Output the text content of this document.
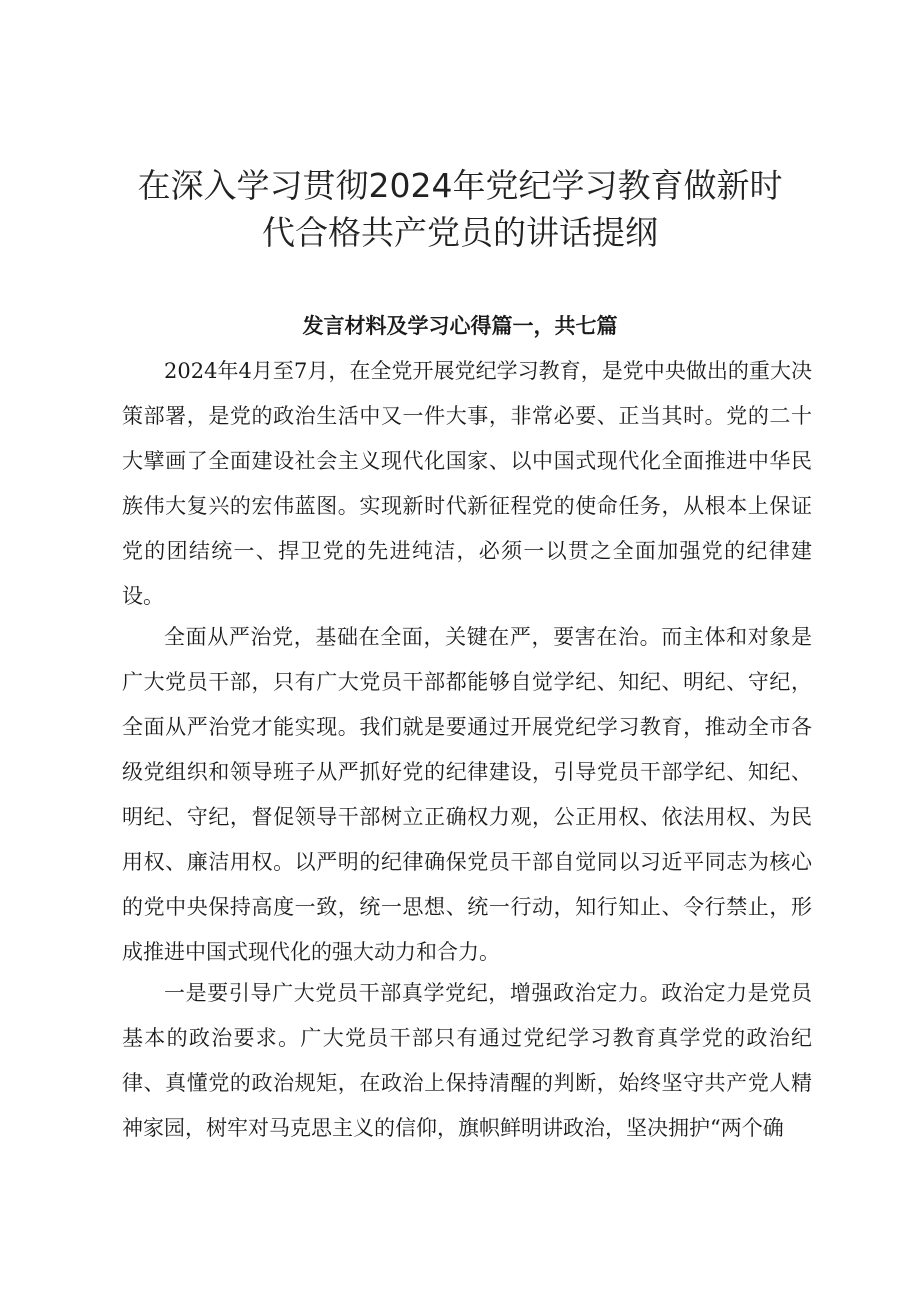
在深入学习贯彻2024年党纪学习教育做新时
代合格共产党员的讲话提纲
发言材料及学习心得篇一，共七篇

2024年4月至7月，在全党开展党纪学习教育，是党中央做出的重大决策部署，是党的政治生活中又一件大事，非常必要、正当其时。党的二十大擘画了全面建设社会主义现代化国家、以中国式现代化全面推进中华民族伟大复兴的宏伟蓝图。实现新时代新征程党的使命任务，从根本上保证党的团结统一、捍卫党的先进纯洁，必须一以贯之全面加强党的纪律建设。

全面从严治党，基础在全面，关键在严，要害在治。而主体和对象是广大党员干部，只有广大党员干部都能够自觉学纪、知纪、明纪、守纪，全面从严治党才能实现。我们就是要通过开展党纪学习教育，推动全市各级党组织和领导班子从严抓好党的纪律建设，引导党员干部学纪、知纪、明纪、守纪，督促领导干部树立正确权力观，公正用权、依法用权、为民用权、廉洁用权。以严明的纪律确保党员干部自觉同以习近平同志为核心的党中央保持高度一致，统一思想、统一行动，知行知止、令行禁止，形成推进中国式现代化的强大动力和合力。

一是要引导广大党员干部真学党纪，增强政治定力。政治定力是党员基本的政治要求。广大党员干部只有通过党纪学习教育真学党的政治纪律、真懂党的政治规矩，在政治上保持清醒的判断，始终坚守共产党人精神家园，树牢对马克思主义的信仰，旗帜鲜明讲政治，坚决拥护“两个确
